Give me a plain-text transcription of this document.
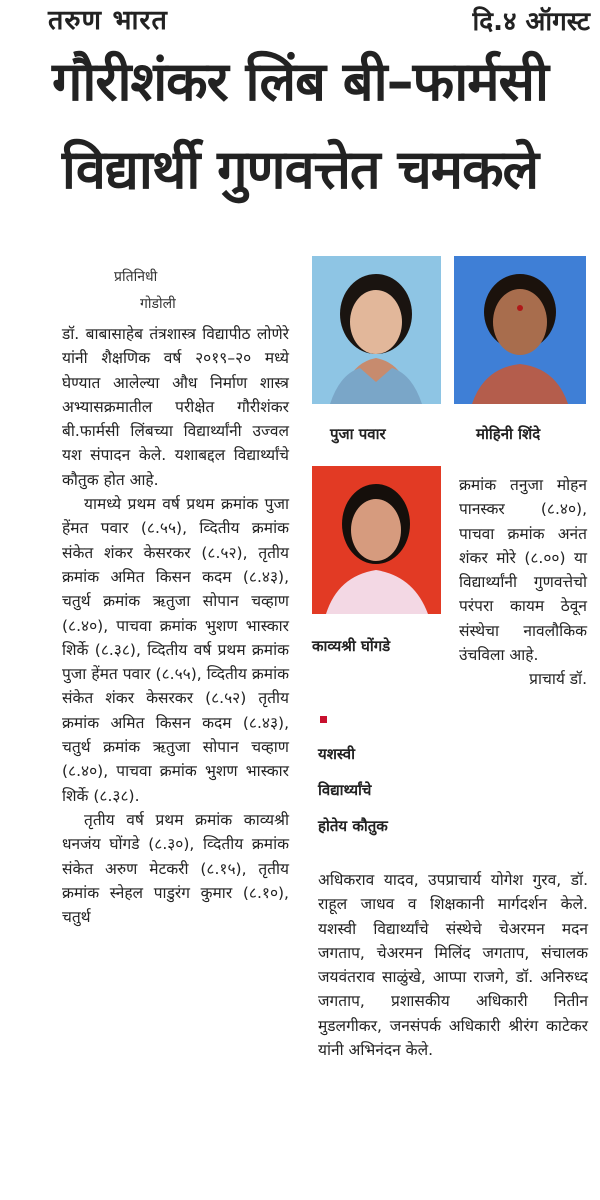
तरुण भारत	दि.४ ऑगस्ट
गौरीशंकर लिंब बी–फार्मसी
विद्यार्थी गुणवत्तेत चमकले
प्रतिनिधी
गोडोली

डॉ. बाबासाहेब तंत्रशास्त्र विद्यापीठ लोणेरे यांनी शैक्षणिक वर्ष २०१९–२० मध्ये घेण्यात आलेल्या औध निर्माण शास्त्र अभ्यासक्रमातील परीक्षेत गौरीशंकर बी.फार्मसी लिंबच्या विद्यार्थ्यांनी उज्वल यश संपादन केले. यशाबद्दल विद्यार्थ्यांचे कौतुक होत आहे.

यामध्ये प्रथम वर्ष प्रथम क्रमांक पुजा हेंमत पवार (८.५५), व्दितीय क्रमांक संकेत शंकर केसरकर (८.५२), तृतीय क्रमांक अमित किसन कदम (८.४३), चतुर्थ क्रमांक ऋतुजा सोपान चव्हाण (८.४०), पाचवा क्रमांक भुशण भास्कार शिर्के (८.३८), व्दितीय वर्ष प्रथम क्रमांक पुजा हेंमत पवार (८.५५), व्दितीय क्रमांक संकेत शंकर केसरकर (८.५२) तृतीय क्रमांक अमित किसन कदम (८.४३), चतुर्थ क्रमांक ऋतुजा सोपान चव्हाण (८.४०), पाचवा क्रमांक भुशण भास्कार शिर्के (८.३८).

तृतीय वर्ष प्रथम क्रमांक काव्यश्री धनजंय घोंगडे (८.३०), व्दितीय क्रमांक संकेत अरुण मेटकरी (८.१५), तृतीय क्रमांक स्नेहल पाडुरंग कुमार (८.१०), चतुर्थ

पुजा पवार	मोहिनी शिंदे
काव्यश्री घोंगडे
यशस्वी
विद्यार्थ्यांचे
होतेय कौतुक

क्रमांक तनुजा मोहन पानस्कर (८.४०), पाचवा क्रमांक अनंत शंकर मोरे (८.००) या विद्यार्थ्यांनी गुणवत्तेचो परंपरा कायम ठेवून संस्थेचा नावलौकिक उंचविला आहे.

प्राचार्य डॉ.

अधिकराव यादव, उपप्राचार्य योगेश गुरव, डॉ. राहूल जाधव व शिक्षकानी मार्गदर्शन केले. यशस्वी विद्यार्थ्यांचे संस्थेचे चेअरमन मदन जगताप, चेअरमन मिलिंद जगताप, संचालक जयवंतराव साळुंखे, आप्पा राजगे, डॉ. अनिरुध्द जगताप, प्रशासकीय अधिकारी नितीन मुडलगीकर, जनसंपर्क अधिकारी श्रीरंग काटेकर यांनी अभिनंदन केले.
